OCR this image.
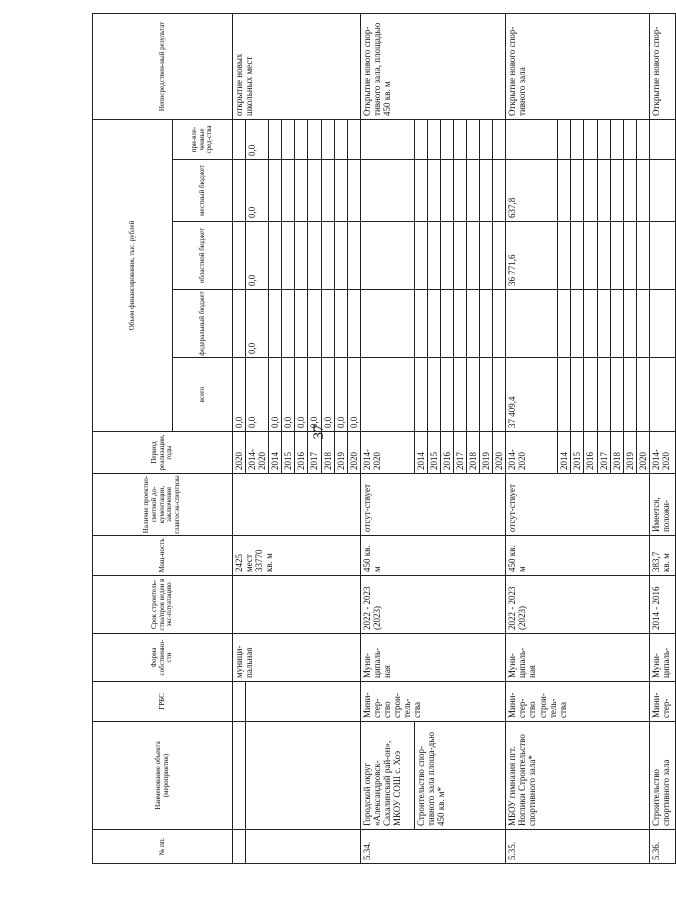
37
№ пп.	Наименование объекта (мероприятия)	ГРБС	Форма собственно-сти	Срок строитель-ства/пров веден в экс-плуатацию	Мощ-ность	Наличие проектно-сметной до-кументации, заключения главгосэк-спертизы	Период реализации, годы	Объем финансирования, тыс. рублей					Непосредствен-ный результат
								всего	федеральный бюджет	областной бюджет	местный бюджет	при-вле-ченные сред-ства	
			муници-пальная		2425 мест 33770 кв. м		2020	0,0					открытие новых школьных мест
							2014-2020	0,0	0,0	0,0	0,0	0,0	
							2014	0,0					
							2015	0,0					
							2016	0,0					
							2017	0,0					
							2018	0,0					
							2019	0,0					
							2020	0,0					
5.34.	Городской округ «Александровск-Сахалинский рай-он», МКОУ СОШ с. Хоэ	Мини-стер-ство строи-тель-ства	Муни-ципаль-ная	2022 - 2023 (2023)	450 кв. м	отсут-ствует	2014-2020						Открытие нового спор-тивного зала, площадью 450 кв. м
	Строительство спор-тивного зала площа-дью 450 кв. м*						2014						
							2015						
							2016						
							2017						
							2018						
							2019						
							2020						
5.35.	МБОУ гимназия пгт. Ноглики Строительство спортивного зала*	Мини-стер-ство строи-тель-ства	Муни-ципаль-ная	2022 - 2023 (2023)	450 кв. м	отсут-ствует	2014-2020	37 409,4		36 771,6	637,8		Открытие нового спор-тивного зала
							2014						
							2015						
							2016						
							2017						
							2018						
							2019						
							2020						
5.36.	Строительство спортивного зала	Мини-стер-	Муни-ципаль-	2014 - 2016	383,7 кв. м	Имеется, положи-	2014-2020						Открытие нового спор-
